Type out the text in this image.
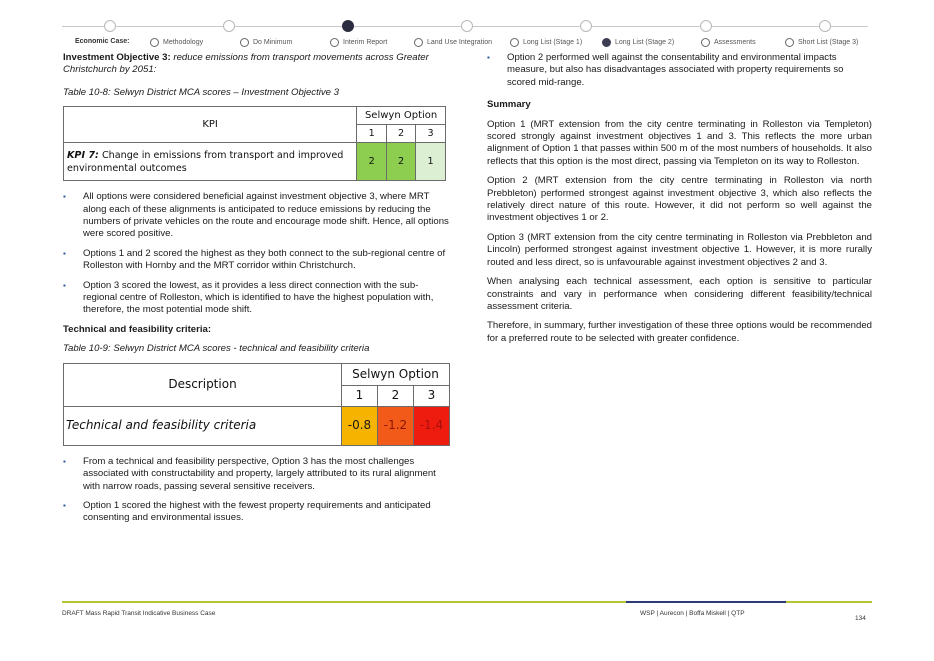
Economic Case:	Methodology	Do Minimum	Interim Report	Land Use Integration	Long List (Stage 1)	Long List (Stage 2)	Assessments	Short List (Stage 3)

Investment Objective 3: reduce emissions from transport movements across Greater Christchurch by 2051:

Table 10-8: Selwyn District MCA scores – Investment Objective 3

KPI	Selwyn Option		
	1	2	3
KPI 7: Change in emissions from transport and improved environmental outcomes	2	2	1
▪ All options were considered beneficial against investment objective 3, where MRT along each of these alignments is anticipated to reduce emissions by reducing the numbers of private vehicles on the route and encourage mode shift. Hence, all options were scored positive.
▪ Options 1 and 2 scored the highest as they both connect to the sub-regional centre of Rolleston with Hornby and the MRT corridor within Christchurch.
▪ Option 3 scored the lowest, as it provides a less direct connection with the sub-regional centre of Rolleston, which is identified to have the highest population with, therefore, the most potential mode shift.

Technical and feasibility criteria:

Table 10-9: Selwyn District MCA scores - technical and feasibility criteria

Description	Selwyn Option		
	1	2	3
Technical and feasibility criteria	-0.8	-1.2	-1.4
▪ From a technical and feasibility perspective, Option 3 has the most challenges associated with constructability and property, largely attributed to its rural alignment with narrow roads, passing several sensitive receivers.
▪ Option 1 scored the highest with the fewest property requirements and anticipated consenting and environmental issues.
▪ Option 2 performed well against the consentability and environmental impacts measure, but also has disadvantages associated with property requirements so scored mid-range.

Summary

Option 1 (MRT extension from the city centre terminating in Rolleston via Templeton) scored strongly against investment objectives 1 and 3. This reflects the more urban alignment of Option 1 that passes within 500 m of the most numbers of households. It also reflects that this option is the most direct, passing via Templeton on its way to Rolleston.

Option 2 (MRT extension from the city centre terminating in Rolleston via north Prebbleton) performed strongest against investment objective 3, which also reflects the relatively direct nature of this route. However, it did not perform so well against the investment objectives 1 or 2.

Option 3 (MRT extension from the city centre terminating in Rolleston via Prebbleton and Lincoln) performed strongest against investment objective 1. However, it is more rurally routed and less direct, so is unfavourable against investment objectives 2 and 3.

When analysing each technical assessment, each option is sensitive to particular constraints and vary in performance when considering different feasibility/technical assessment criteria.

Therefore, in summary, further investigation of these three options would be recommended for a preferred route to be selected with greater confidence.

DRAFT Mass Rapid Transit Indicative Business Case	WSP | Aurecon | Boffa Miskell | QTP
134
